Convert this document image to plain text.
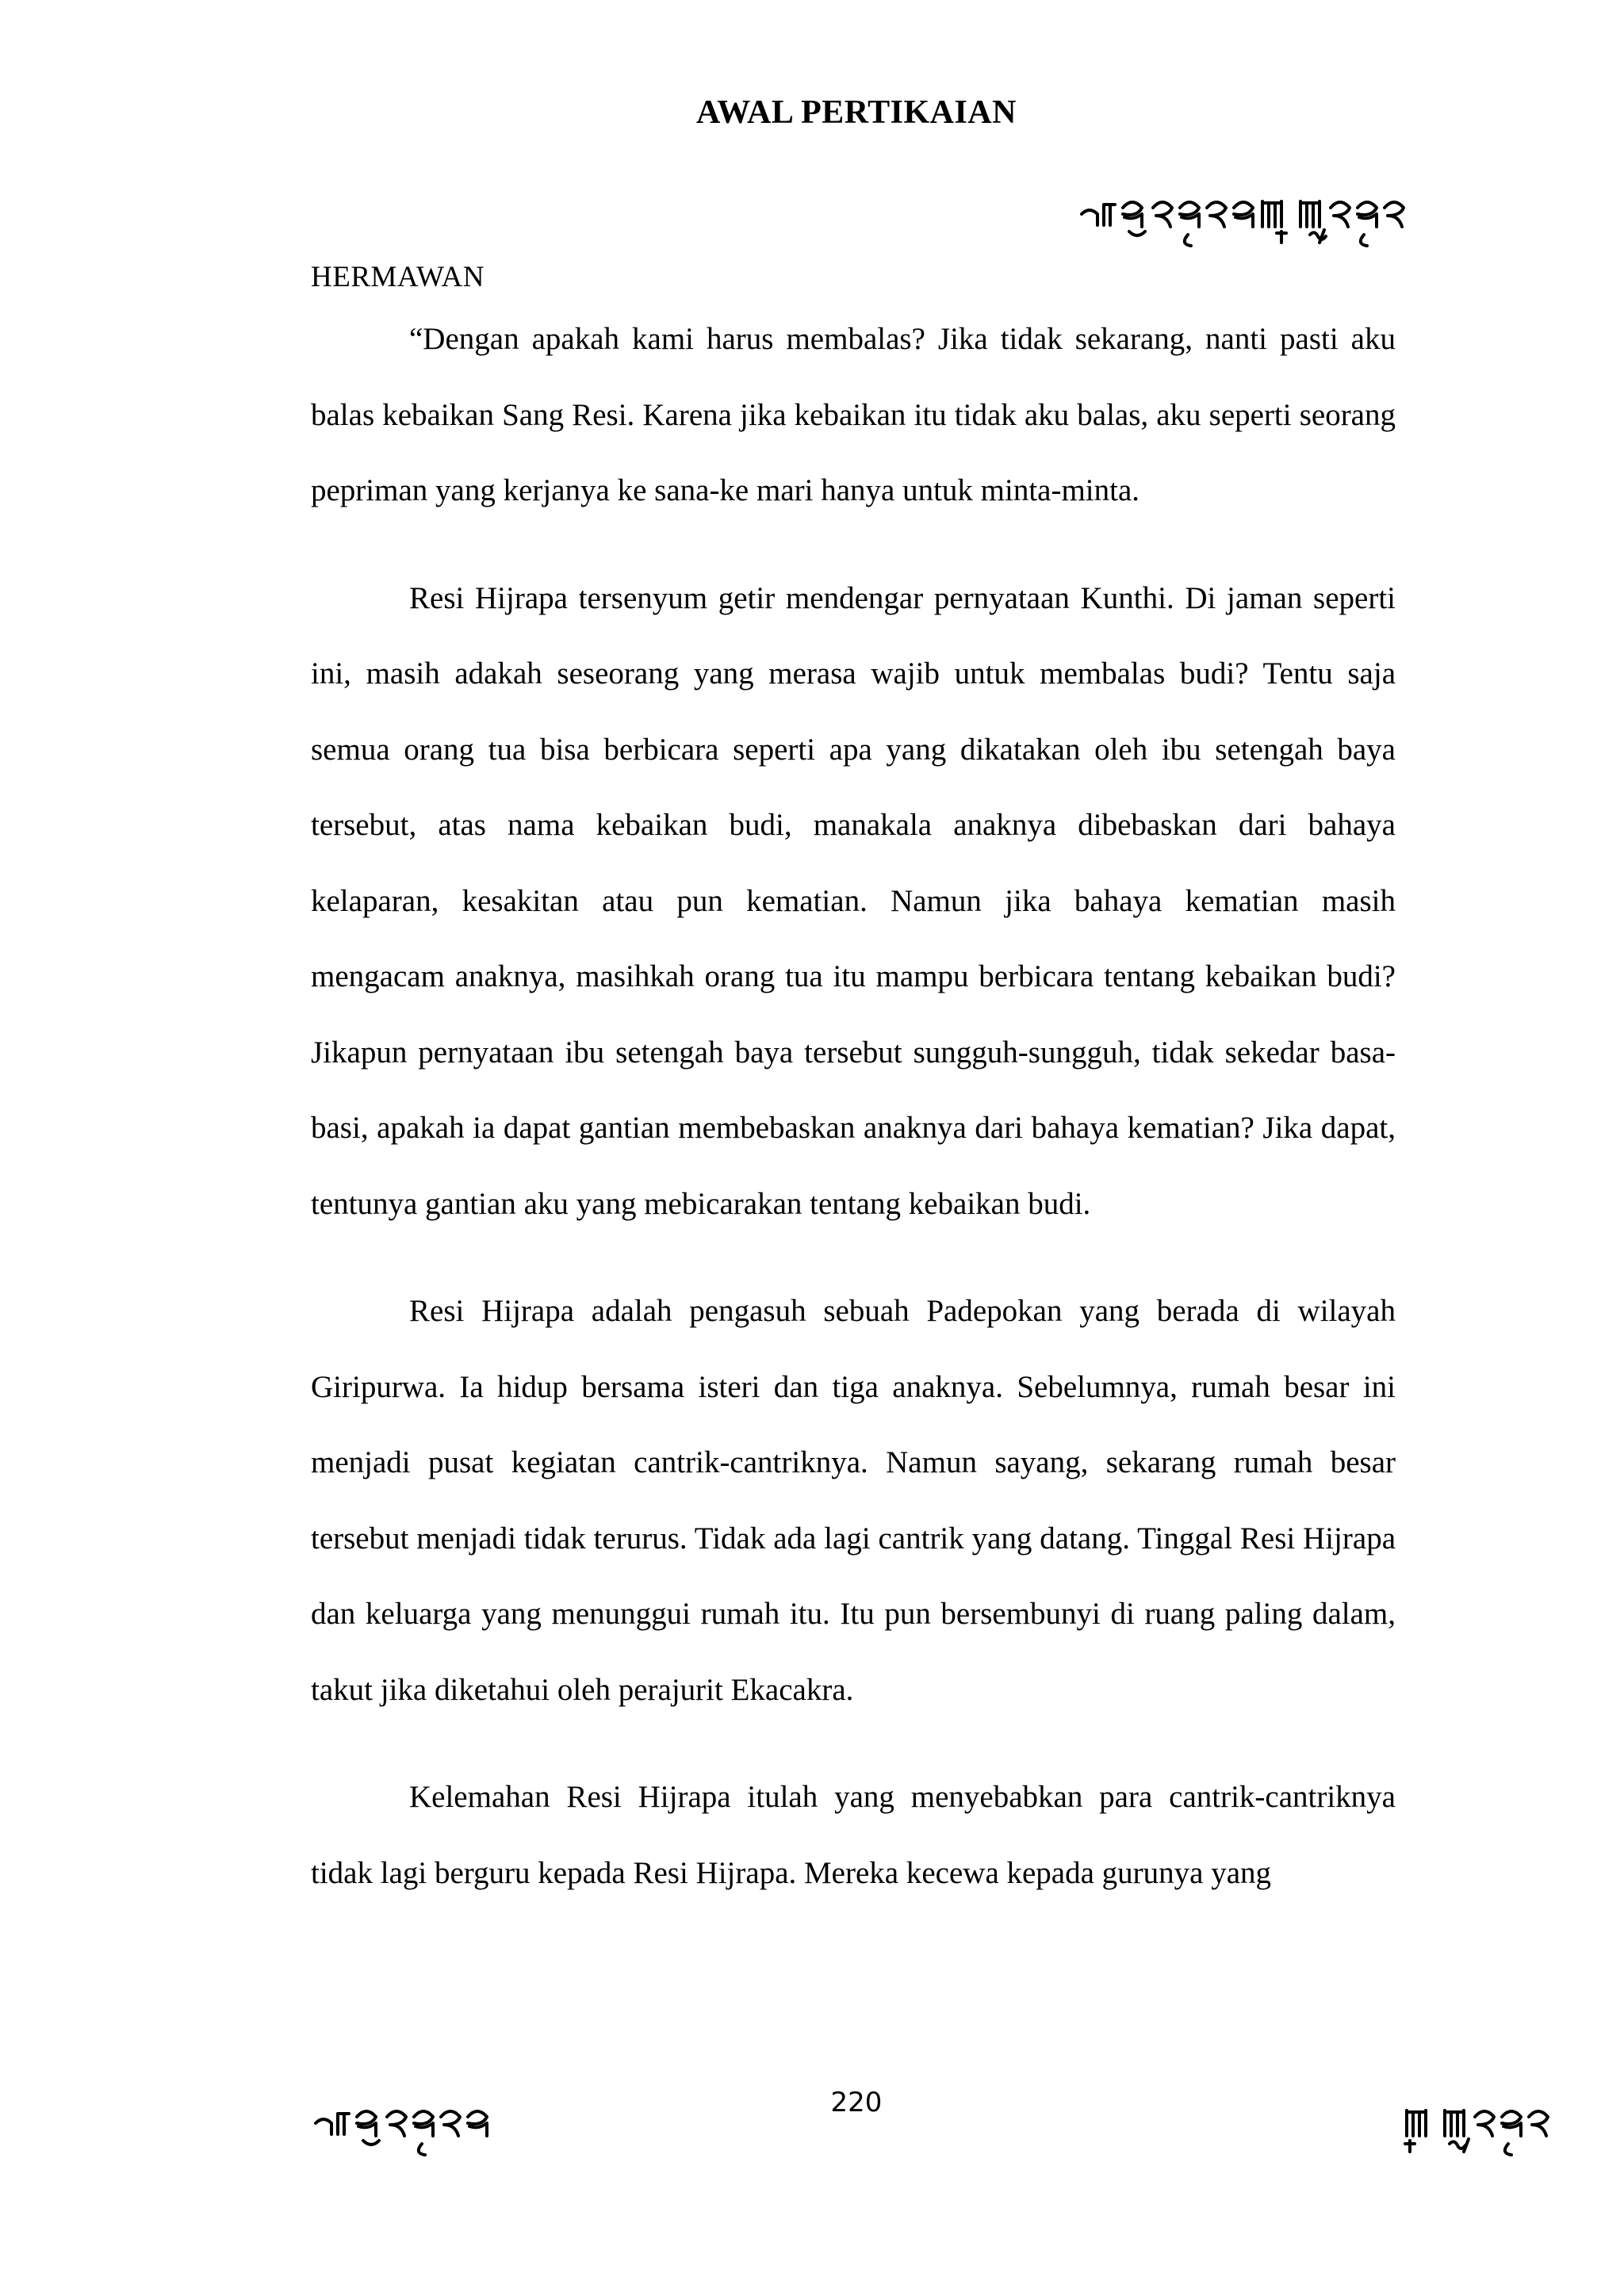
AWAL PERTIKAIAN
HERMAWAN

“Dengan apakah kami harus membalas? Jika tidak sekarang, nanti pasti aku balas kebaikan Sang Resi. Karena jika kebaikan itu tidak aku balas, aku seperti seorang pepriman yang kerjanya ke sana-ke mari hanya untuk minta-minta.

Resi Hijrapa tersenyum getir mendengar pernyataan Kunthi. Di jaman seperti ini, masih adakah seseorang yang merasa wajib untuk membalas budi? Tentu saja semua orang tua bisa berbicara seperti apa yang dikatakan oleh ibu setengah baya tersebut, atas nama kebaikan budi, manakala anaknya dibebaskan dari bahaya kelaparan, kesakitan atau pun kematian. Namun jika bahaya kematian masih mengacam anaknya, masihkah orang tua itu mampu berbicara tentang kebaikan budi? Jikapun pernyataan ibu setengah baya tersebut sungguh-sungguh, tidak sekedar basa-basi, apakah ia dapat gantian membebaskan anaknya dari bahaya kematian? Jika dapat, tentunya gantian aku yang mebicarakan tentang kebaikan budi.

Resi Hijrapa adalah pengasuh sebuah Padepokan yang berada di wilayah Giripurwa. Ia hidup bersama isteri dan tiga anaknya. Sebelumnya, rumah besar ini menjadi pusat kegiatan cantrik-cantriknya. Namun sayang, sekarang rumah besar tersebut menjadi tidak terurus. Tidak ada lagi cantrik yang datang. Tinggal Resi Hijrapa dan keluarga yang menunggui rumah itu. Itu pun bersembunyi di ruang paling dalam, takut jika diketahui oleh perajurit Ekacakra.

Kelemahan Resi Hijrapa itulah yang menyebabkan para cantrik-cantriknya tidak lagi berguru kepada Resi Hijrapa. Mereka kecewa kepada gurunya yang

220
